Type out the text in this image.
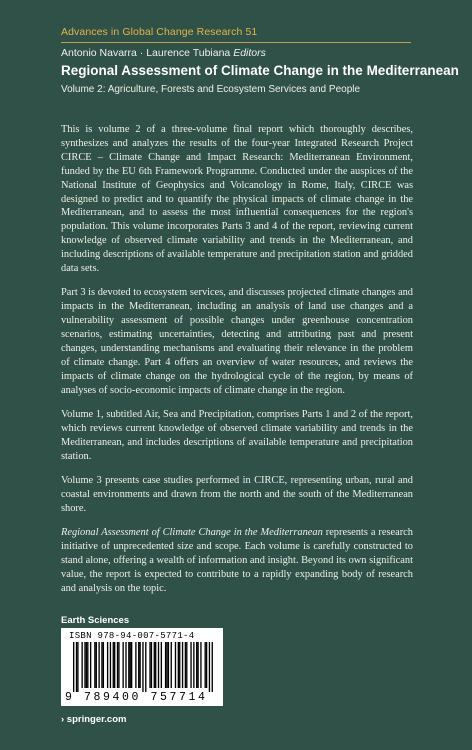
Advances in Global Change Research 51
Antonio Navarra · Laurence Tubiana Editors
Regional Assessment of Climate Change in the Mediterranean
Volume 2: Agriculture, Forests and Ecosystem Services and People

This is volume 2 of a three-volume final report which thoroughly describes, synthesizes and analyzes the results of the four-year Integrated Research Project CIRCE – Climate Change and Impact Research: Mediterranean Environment, funded by the EU 6th Framework Programme. Conducted under the auspices of the National Institute of Geophysics and Volcanology in Rome, Italy, CIRCE was designed to predict and to quantify the physical impacts of climate change in the Mediterranean, and to assess the most influential consequences for the region's population. This volume incorporates Parts 3 and 4 of the report, reviewing current knowledge of observed climate variability and trends in the Mediterranean, and including descriptions of available temperature and precipitation station and gridded data sets.

Part 3 is devoted to ecosystem services, and discusses projected climate changes and impacts in the Mediterranean, including an analysis of land use changes and a vulnerability assessment of possible changes under greenhouse concentration scenarios, estimating uncertainties, detecting and attributing past and present changes, understanding mechanisms and evaluating their relevance in the problem of climate change. Part 4 offers an overview of water resources, and reviews the impacts of climate change on the hydrological cycle of the region, by means of analyses of socio-economic impacts of climate change in the region.

Volume 1, subtitled Air, Sea and Precipitation, comprises Parts 1 and 2 of the report, which reviews current knowledge of observed climate variability and trends in the Mediterranean, and includes descriptions of available temperature and precipitation station.

Volume 3 presents case studies performed in CIRCE, representing urban, rural and coastal environments and drawn from the north and the south of the Mediterranean shore.

Regional Assessment of Climate Change in the Mediterranean represents a research initiative of unprecedented size and scope. Each volume is carefully constructed to stand alone, offering a wealth of information and insight. Beyond its own significant value, the report is expected to contribute to a rapidly expanding body of research and analysis on the topic.

Earth Sciences
ISBN 978-94-007-5771-4
9 789400 757714
› springer.com
